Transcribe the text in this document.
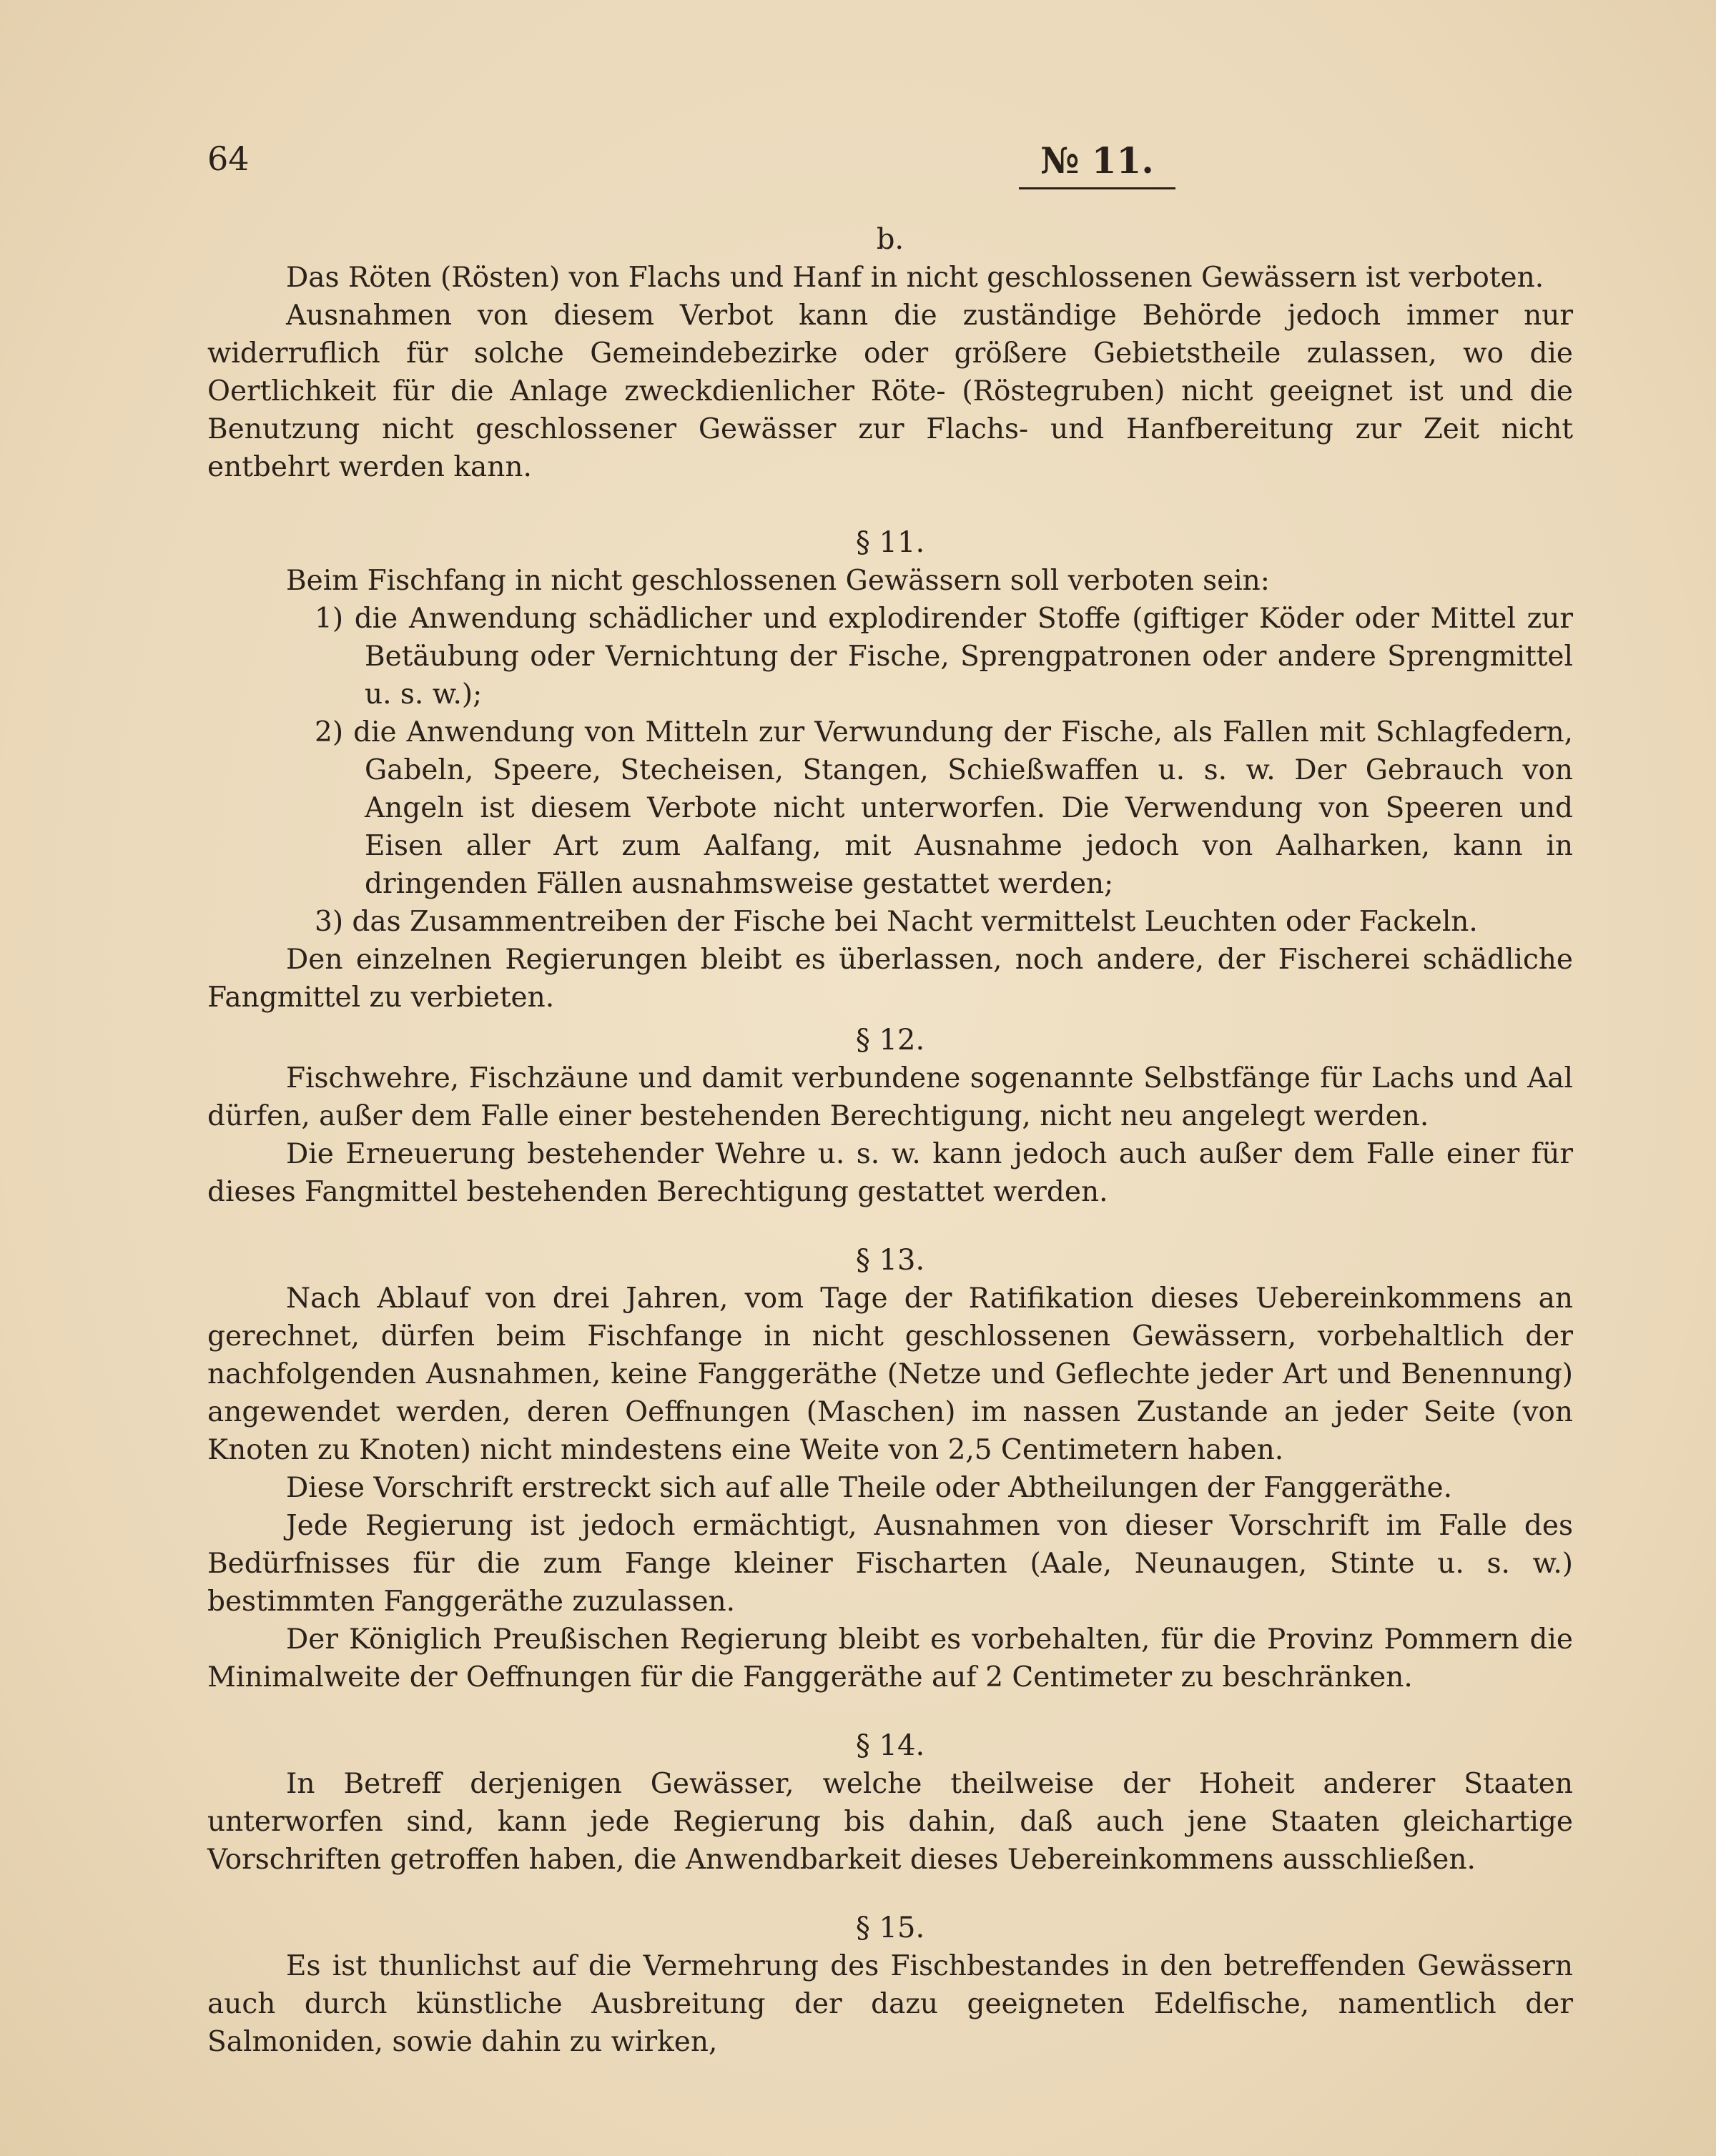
64	№ 11.

b.

Das Röten (Rösten) von Flachs und Hanf in nicht geschlossenen Gewässern ist verboten.

Ausnahmen von diesem Verbot kann die zuständige Behörde jedoch immer nur widerruflich für solche Gemeindebezirke oder größere Gebietstheile zulassen, wo die Oertlichkeit für die Anlage zweckdienlicher Röte- (Röstegruben) nicht geeignet ist und die Benutzung nicht geschlossener Gewässer zur Flachs- und Hanfbereitung zur Zeit nicht entbehrt werden kann.

§ 11.

Beim Fischfang in nicht geschlossenen Gewässern soll verboten sein:

1) die Anwendung schädlicher und explodirender Stoffe (giftiger Köder oder Mittel zur Betäubung oder Vernichtung der Fische, Sprengpatronen oder andere Sprengmittel u. s. w.);

2) die Anwendung von Mitteln zur Verwundung der Fische, als Fallen mit Schlagfedern, Gabeln, Speere, Stecheisen, Stangen, Schießwaffen u. s. w. Der Gebrauch von Angeln ist diesem Verbote nicht unterworfen. Die Verwendung von Speeren und Eisen aller Art zum Aalfang, mit Ausnahme jedoch von Aalharken, kann in dringenden Fällen ausnahmsweise gestattet werden;

3) das Zusammentreiben der Fische bei Nacht vermittelst Leuchten oder Fackeln.

Den einzelnen Regierungen bleibt es überlassen, noch andere, der Fischerei schädliche Fangmittel zu verbieten.

§ 12.

Fischwehre, Fischzäune und damit verbundene sogenannte Selbstfänge für Lachs und Aal dürfen, außer dem Falle einer bestehenden Berechtigung, nicht neu angelegt werden.

Die Erneuerung bestehender Wehre u. s. w. kann jedoch auch außer dem Falle einer für dieses Fangmittel bestehenden Berechtigung gestattet werden.

§ 13.

Nach Ablauf von drei Jahren, vom Tage der Ratifikation dieses Uebereinkommens an gerechnet, dürfen beim Fischfange in nicht geschlossenen Gewässern, vorbehaltlich der nachfolgenden Ausnahmen, keine Fanggeräthe (Netze und Geflechte jeder Art und Benennung) angewendet werden, deren Oeffnungen (Maschen) im nassen Zustande an jeder Seite (von Knoten zu Knoten) nicht mindestens eine Weite von 2,5 Centimetern haben.

Diese Vorschrift erstreckt sich auf alle Theile oder Abtheilungen der Fanggeräthe.

Jede Regierung ist jedoch ermächtigt, Ausnahmen von dieser Vorschrift im Falle des Bedürfnisses für die zum Fange kleiner Fischarten (Aale, Neunaugen, Stinte u. s. w.) bestimmten Fanggeräthe zuzulassen.

Der Königlich Preußischen Regierung bleibt es vorbehalten, für die Provinz Pommern die Minimalweite der Oeffnungen für die Fanggeräthe auf 2 Centimeter zu beschränken.

§ 14.

In Betreff derjenigen Gewässer, welche theilweise der Hoheit anderer Staaten unterworfen sind, kann jede Regierung bis dahin, daß auch jene Staaten gleichartige Vorschriften getroffen haben, die Anwendbarkeit dieses Uebereinkommens ausschließen.

§ 15.

Es ist thunlichst auf die Vermehrung des Fischbestandes in den betreffenden Gewässern auch durch künstliche Ausbreitung der dazu geeigneten Edelfische, namentlich der Salmoniden, sowie dahin zu wirken,
